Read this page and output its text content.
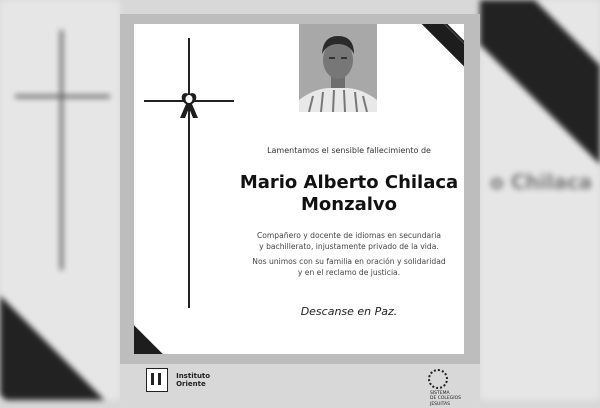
o Chilaca
Lamentamos el sensible fallecimiento de
Mario Alberto Chilaca
Monzalvo
Compañero y docente de idiomas en secundaria
y bachillerato, injustamente privado de la vida.
Nos unimos con su familia en oración y solidaridad
y en el reclamo de justicia.
Descanse en Paz.

Instituto
Oriente

SISTEMA
DE COLEGIOS
JESUITAS
